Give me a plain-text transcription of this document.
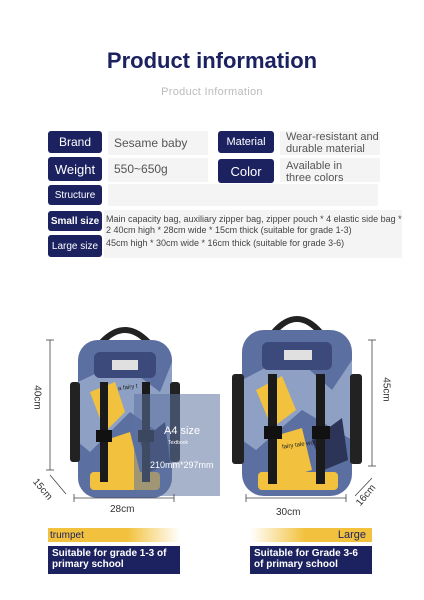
Product information
Product Information
Brand	Sesame baby	Material	Wear-resistant and durable material
Weight	550~650g	Color	Available in three colors
Structure
Small size Main capacity bag, auxiliary zipper bag, zipper pouch * 4 elastic side bag * 2 40cm high * 28cm wide * 15cm thick (suitable for grade 1-3)
Large size 45cm high * 30cm wide * 16cm thick (suitable for grade 3-6)
a fairy t
A4 size
Textbook
210mm*297mm
40cm
28cm
15cm
fairy tale world
45cm
30cm
16cm
trumpet
Suitable for grade 1-3 of primary school
Large
Suitable for Grade 3-6 of primary school
